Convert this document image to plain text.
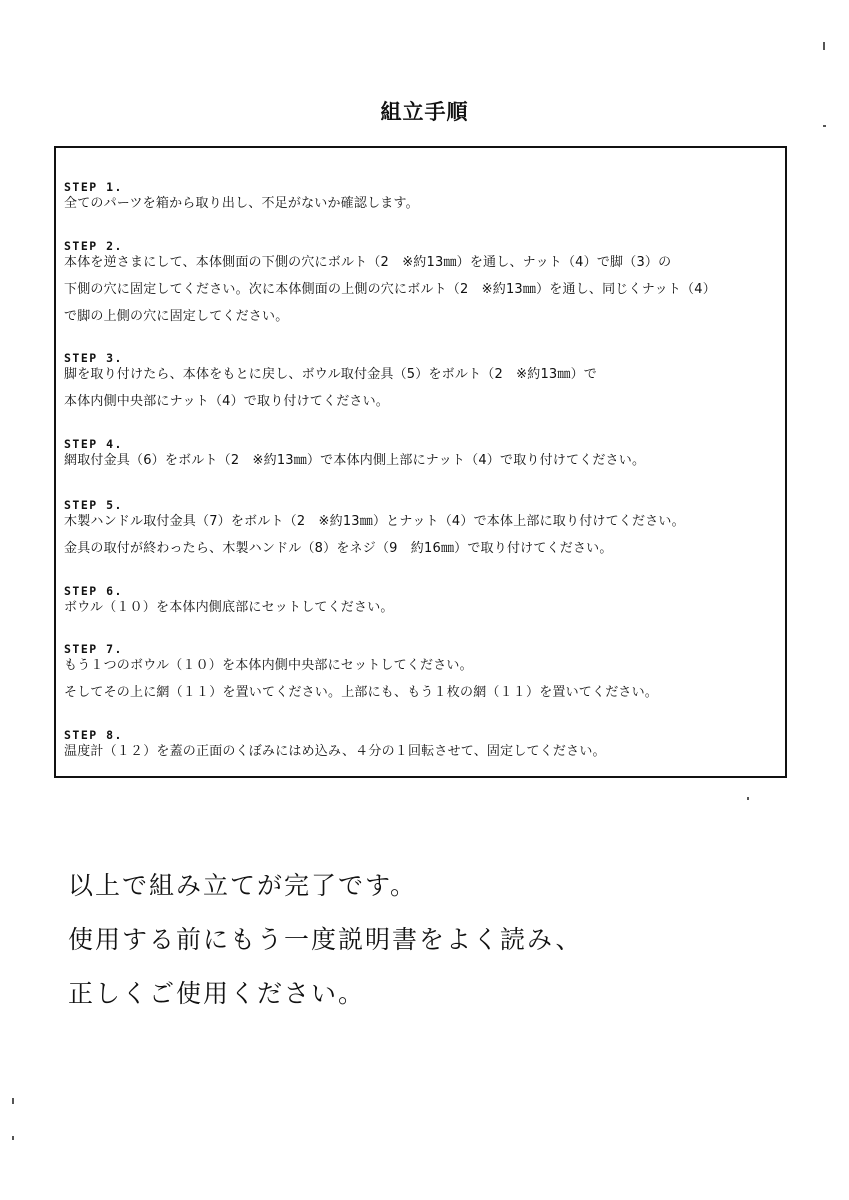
組立手順
STEP 1.
全てのパーツを箱から取り出し、不足がないか確認します。
STEP 2.
本体を逆さまにして、本体側面の下側の穴にボルト（2　※約13㎜）を通し、ナット（4）で脚（3）の
下側の穴に固定してください。次に本体側面の上側の穴にボルト（2　※約13㎜）を通し、同じくナット（4）
で脚の上側の穴に固定してください。
STEP 3.
脚を取り付けたら、本体をもとに戻し、ボウル取付金具（5）をボルト（2　※約13㎜）で
本体内側中央部にナット（4）で取り付けてください。
STEP 4.
網取付金具（6）をボルト（2　※約13㎜）で本体内側上部にナット（4）で取り付けてください。
STEP 5.
木製ハンドル取付金具（7）をボルト（2　※約13㎜）とナット（4）で本体上部に取り付けてください。
金具の取付が終わったら、木製ハンドル（8）をネジ（9　約16㎜）で取り付けてください。
STEP 6.
ボウル（１０）を本体内側底部にセットしてください。
STEP 7.
もう１つのボウル（１０）を本体内側中央部にセットしてください。
そしてその上に網（１１）を置いてください。上部にも、もう１枚の網（１１）を置いてください。
STEP 8.
温度計（１２）を蓋の正面のくぼみにはめ込み、４分の１回転させて、固定してください。
以上で組み立てが完了です。
使用する前にもう一度説明書をよく読み、
正しくご使用ください。
